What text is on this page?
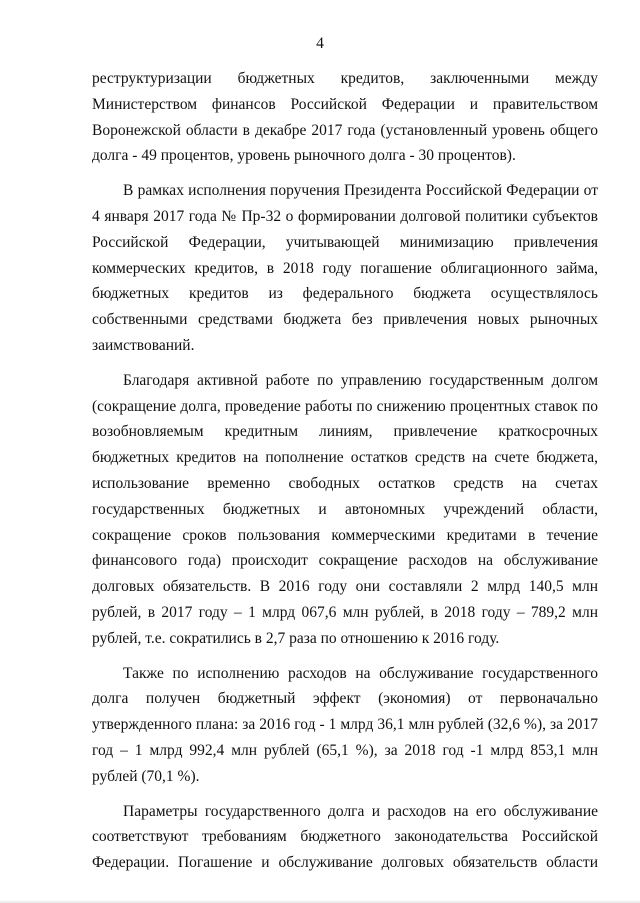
4

реструктуризации бюджетных кредитов, заключенными между Министерством финансов Российской Федерации и правительством Воронежской области в декабре 2017 года (установленный уровень общего долга - 49 процентов, уровень рыночного долга - 30 процентов).

В рамках исполнения поручения Президента Российской Федерации от 4 января 2017 года № Пр-32 о формировании долговой политики субъектов Российской Федерации, учитывающей минимизацию привлечения коммерческих кредитов, в 2018 году погашение облигационного займа, бюджетных кредитов из федерального бюджета осуществлялось собственными средствами бюджета без привлечения новых рыночных заимствований.

Благодаря активной работе по управлению государственным долгом (сокращение долга, проведение работы по снижению процентных ставок по возобновляемым кредитным линиям, привлечение краткосрочных бюджетных кредитов на пополнение остатков средств на счете бюджета, использование временно свободных остатков средств на счетах государственных бюджетных и автономных учреждений области, сокращение сроков пользования коммерческими кредитами в течение финансового года) происходит сокращение расходов на обслуживание долговых обязательств. В 2016 году они составляли 2 млрд 140,5 млн рублей, в 2017 году – 1 млрд 067,6 млн рублей, в 2018 году – 789,2 млн рублей, т.е. сократились в 2,7 раза по отношению к 2016 году.

Также по исполнению расходов на обслуживание государственного долга получен бюджетный эффект (экономия) от первоначально утвержденного плана: за 2016 год - 1 млрд 36,1 млн рублей (32,6 %), за 2017 год – 1 млрд 992,4 млн рублей (65,1 %), за 2018 год -1 млрд 853,1 млн рублей (70,1 %).

Параметры государственного долга и расходов на его обслуживание соответствуют требованиям бюджетного законодательства Российской Федерации. Погашение и обслуживание долговых обязательств области
